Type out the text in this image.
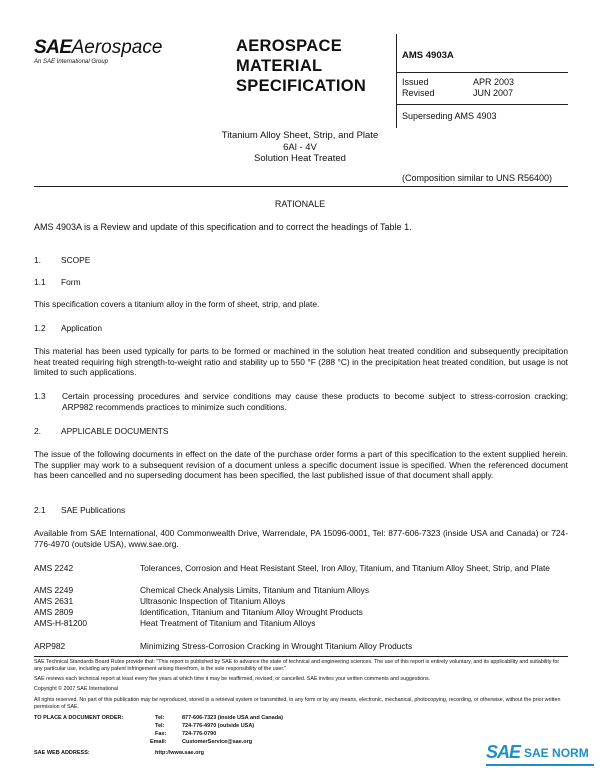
SAEAerospace
An SAE International Group
AEROSPACE
MATERIAL
SPECIFICATION
AMS 4903A
Issued	APR 2003
Revised	JUN 2007
Superseding AMS 4903
Titanium Alloy Sheet, Strip, and Plate
6Al - 4V
Solution Heat Treated
(Composition similar to UNS R56400)
RATIONALE
AMS 4903A is a Review and update of this specification and to correct the headings of Table 1.
1. SCOPE
1.1 Form
This specification covers a titanium alloy in the form of sheet, strip, and plate.
1.2 Application
This material has been used typically for parts to be formed or machined in the solution heat treated condition and subsequently precipitation heat treated requiring high strength-to-weight ratio and stability up to 550 °F (288 °C) in the precipitation heat treated condition, but usage is not limited to such applications.
1.3 Certain processing procedures and service conditions may cause these products to become subject to stress-corrosion cracking; ARP982 recommends practices to minimize such conditions.
2. APPLICABLE DOCUMENTS
The issue of the following documents in effect on the date of the purchase order forms a part of this specification to the extent supplied herein. The supplier may work to a subsequent revision of a document unless a specific document issue is specified. When the referenced document has been cancelled and no superseding document has been specified, the last published issue of that document shall apply.
2.1 SAE Publications
Available from SAE International, 400 Commonwealth Drive, Warrendale, PA 15096-0001, Tel: 877-606-7323 (inside USA and Canada) or 724-776-4970 (outside USA), www.sae.org.
AMS 2242	Tolerances, Corrosion and Heat Resistant Steel, Iron Alloy, Titanium, and Titanium Alloy Sheet, Strip, and Plate
AMS 2249	Chemical Check Analysis Limits, Titanium and Titanium Alloys
AMS 2631	Ultrasonic Inspection of Titanium Alloys
AMS 2809	Identification, Titanium and Titanium Alloy Wrought Products
AMS-H-81200	Heat Treatment of Titanium and Titanium Alloys
ARP982	Minimizing Stress-Corrosion Cracking in Wrought Titanium Alloy Products
SAE Technical Standards Board Rules provide that: "This report is published by SAE to advance the state of technical and engineering sciences. The use of this report is entirely voluntary, and its applicability and suitability for any particular use, including any patent infringement arising therefrom, is the sole responsibility of the user."
SAE reviews each technical report at least every five years at which time it may be reaffirmed, revised, or cancelled. SAE invites your written comments and suggestions.
Copyright © 2007 SAE International
All rights reserved. No part of this publication may be reproduced, stored in a retrieval system or transmitted, in any form or by any means, electronic, mechanical, photocopying, recording, or otherwise, without the prior written permission of SAE.
TO PLACE A DOCUMENT ORDER:	Tel:	877-606-7323 (inside USA and Canada)
Tel:	724-776-4970 (outside USA)
Fax:	724-776-0790
Email:	CustomerService@sae.org
SAE WEB ADDRESS:	http://www.sae.org	SAE SAE NORM
